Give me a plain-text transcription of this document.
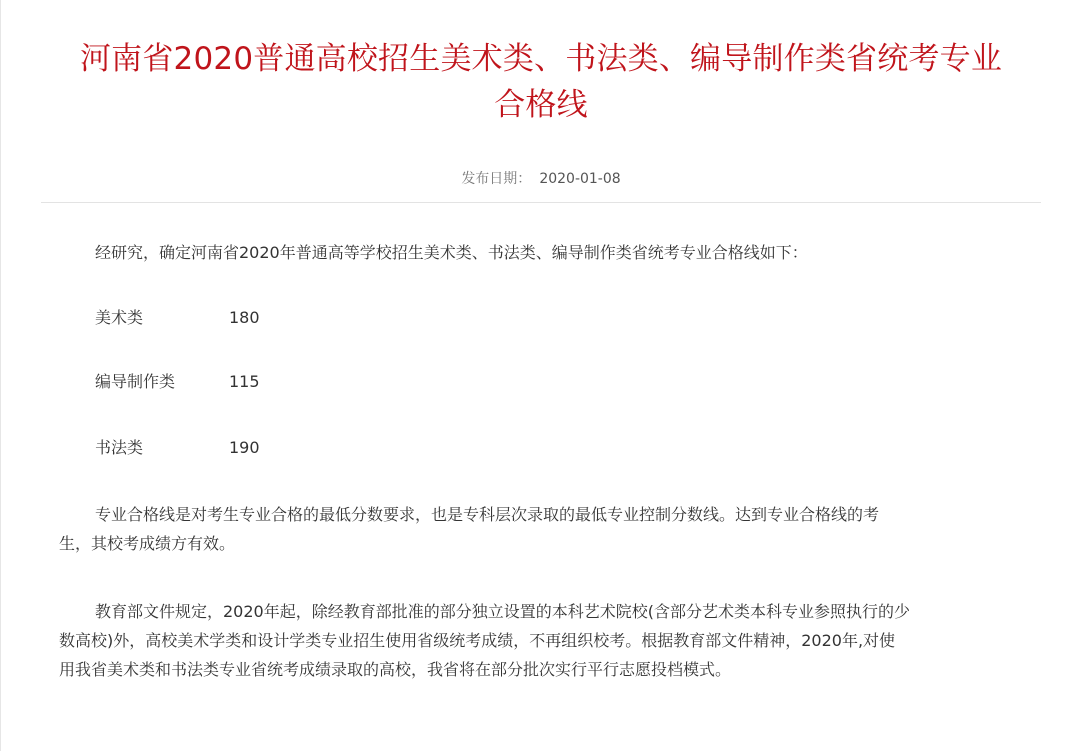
河南省2020普通高校招生美术类、书法类、编导制作类省统考专业
合格线
发布日期： 2020-01-08

经研究，确定河南省2020年普通高等学校招生美术类、书法类、编导制作类省统考专业合格线如下：

美术类	180
编导制作类	115
书法类	190
专业合格线是对考生专业合格的最低分数要求，也是专科层次录取的最低专业控制分数线。达到专业合格线的考
生，其校考成绩方有效。
教育部文件规定，2020年起，除经教育部批准的部分独立设置的本科艺术院校(含部分艺术类本科专业参照执行的少
数高校)外，高校美术学类和设计学类专业招生使用省级统考成绩，不再组织校考。根据教育部文件精神，2020年,对使
用我省美术类和书法类专业省统考成绩录取的高校，我省将在部分批次实行平行志愿投档模式。
